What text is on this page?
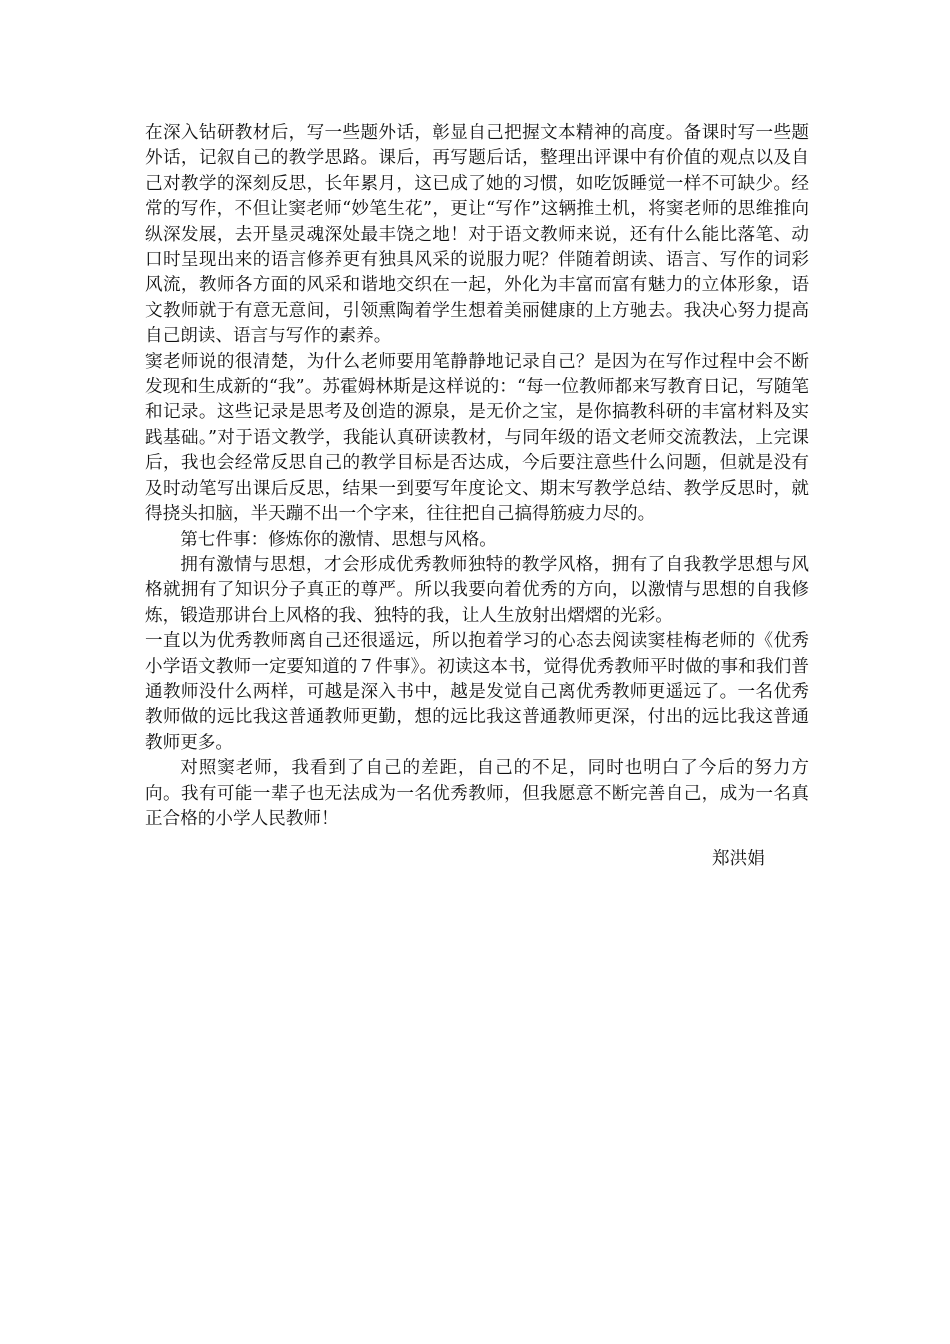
在深入钻研教材后，写一些题外话，彰显自己把握文本精神的高度。备课时写一些题外话，记叙自己的教学思路。课后，再写题后话，整理出评课中有价值的观点以及自己对教学的深刻反思，长年累月，这已成了她的习惯，如吃饭睡觉一样不可缺少。经常的写作，不但让窦老师“妙笔生花”，更让“写作”这辆推土机，将窦老师的思维推向纵深发展，去开垦灵魂深处最丰饶之地！对于语文教师来说，还有什么能比落笔、动口时呈现出来的语言修养更有独具风采的说服力呢？伴随着朗读、语言、写作的词彩风流，教师各方面的风采和谐地交织在一起，外化为丰富而富有魅力的立体形象，语文教师就于有意无意间，引领熏陶着学生想着美丽健康的上方驰去。我决心努力提高自己朗读、语言与写作的素养。

窦老师说的很清楚，为什么老师要用笔静静地记录自己？是因为在写作过程中会不断发现和生成新的“我”。苏霍姆林斯是这样说的：“每一位教师都来写教育日记，写随笔和记录。这些记录是思考及创造的源泉，是无价之宝，是你搞教科研的丰富材料及实践基础。”对于语文教学，我能认真研读教材，与同年级的语文老师交流教法，上完课后，我也会经常反思自己的教学目标是否达成，今后要注意些什么问题，但就是没有及时动笔写出课后反思，结果一到要写年度论文、期末写教学总结、教学反思时，就得挠头扣脑，半天蹦不出一个字来，往往把自己搞得筋疲力尽的。

第七件事：修炼你的激情、思想与风格。

拥有激情与思想，才会形成优秀教师独特的教学风格，拥有了自我教学思想与风格就拥有了知识分子真正的尊严。所以我要向着优秀的方向，以激情与思想的自我修炼，锻造那讲台上风格的我、独特的我，让人生放射出熠熠的光彩。

一直以为优秀教师离自己还很遥远，所以抱着学习的心态去阅读窦桂梅老师的《优秀小学语文教师一定要知道的７件事》。初读这本书，觉得优秀教师平时做的事和我们普通教师没什么两样，可越是深入书中，越是发觉自己离优秀教师更遥远了。一名优秀教师做的远比我这普通教师更勤，想的远比我这普通教师更深，付出的远比我这普通教师更多。

对照窦老师，我看到了自己的差距，自己的不足，同时也明白了今后的努力方向。我有可能一辈子也无法成为一名优秀教师，但我愿意不断完善自己，成为一名真正合格的小学人民教师！

郑洪娟
